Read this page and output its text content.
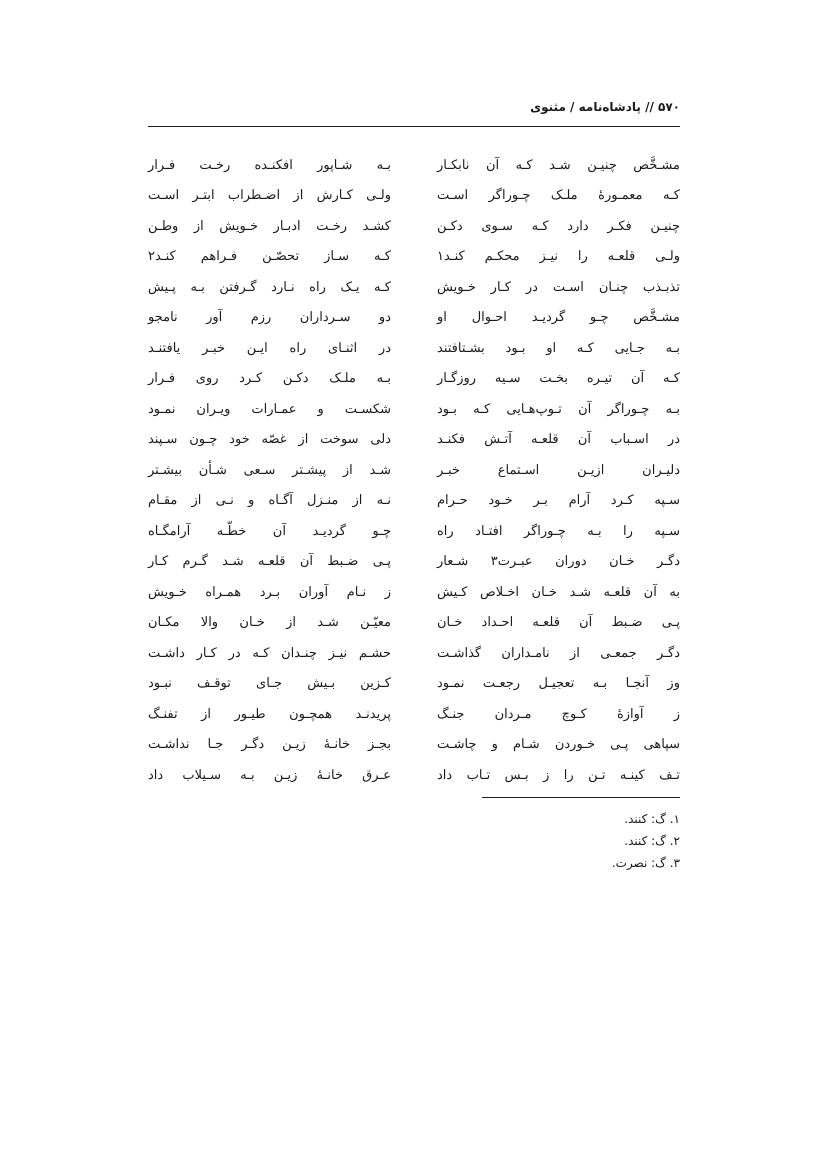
۵۷۰ // پادشاه‌نامه / مثنوی
مشـخَّص چنیـن شـد کـه آن نابکـار
بـه شـاپور افکنـده رخـت فـرار
کـه معمـورهٔ ملـک چـوراگر اسـت
ولـی کـارش از اضـطراب ابتـر اسـت
چنیـن فکـر دارد کـه سـوی دکـن
کشـد رخـت ادبـار خـویش از وطـن
ولـی قلعـه را نیـز محکـم کنـد۱
کـه سـاز تحصّـن فـراهم کنـد۲
تذبـذب چنـان اسـت در کـار خـویش
کـه یـک راه نـارد گـرفتن بـه پـیش
مشـخَّص چـو گردیـد احـوال او
دو سـرداران رزم آور نامجو
بـه جـایی کـه او بـود بشـتافتند
در اثنـای راه ایـن خبـر یافتنـد
کـه آن تیـره بخـت سـیه روزگـار
بـه ملـک دکـن کـرد روی فـرار
بـه چـوراگر آن تـوپ‌هـایی کـه بـود
شکسـت و عمـارات ویـران نمـود
در اسـباب آن قلعـه آتـش فکنـد
دلی سوخت از غصّه خود چـون سـپند
دلیـران ازیـن اسـتماع خبـر
شـد از پیشـتر سـعی شـأن بیشـتر
سـپه کـرد آرام بـر خـود حـرام
نـه از منـزل آگـاه و نـی از مقـام
سـپه را بـه چـوراگر افتـاد راه
چـو گردیـد آن خطّـه آرامگـاه
دگـر خـان دوران عبـرت۳ شـعار
پـی ضـبط آن قلعـه شـد گـرم کـار
به آن قلعـه شـد خـان اخـلاص کـیش
ز نـام آوران بـرد همـراه خـویش
پـی ضـبط آن قلعـه احـداد خـان
معیّـن شـد از خـان والا مکـان
دگـر جمعـی از نامـداران گذاشـت
حشـم نیـز چنـدان کـه در کـار داشـت
وز آنجـا بـه تعجیـل رجعـت نمـود
کـزین بـیش جـای توقـف نبـود
ز آوازهٔ کـوچ مـردان جنـگ
پریدنـد همچـون طیـور از تفنـگ
سپاهی پـی خـوردن شـام و چاشـت
بجـز خانـهٔ زیـن دگـر جـا نداشـت
تـف کینـه تـن را ز بـس تـاب داد
عـرق خانـهٔ زیـن بـه سـیلاب داد
۱. گ: کنند.
۲. گ: کنند.
۳. گ: نصرت.
